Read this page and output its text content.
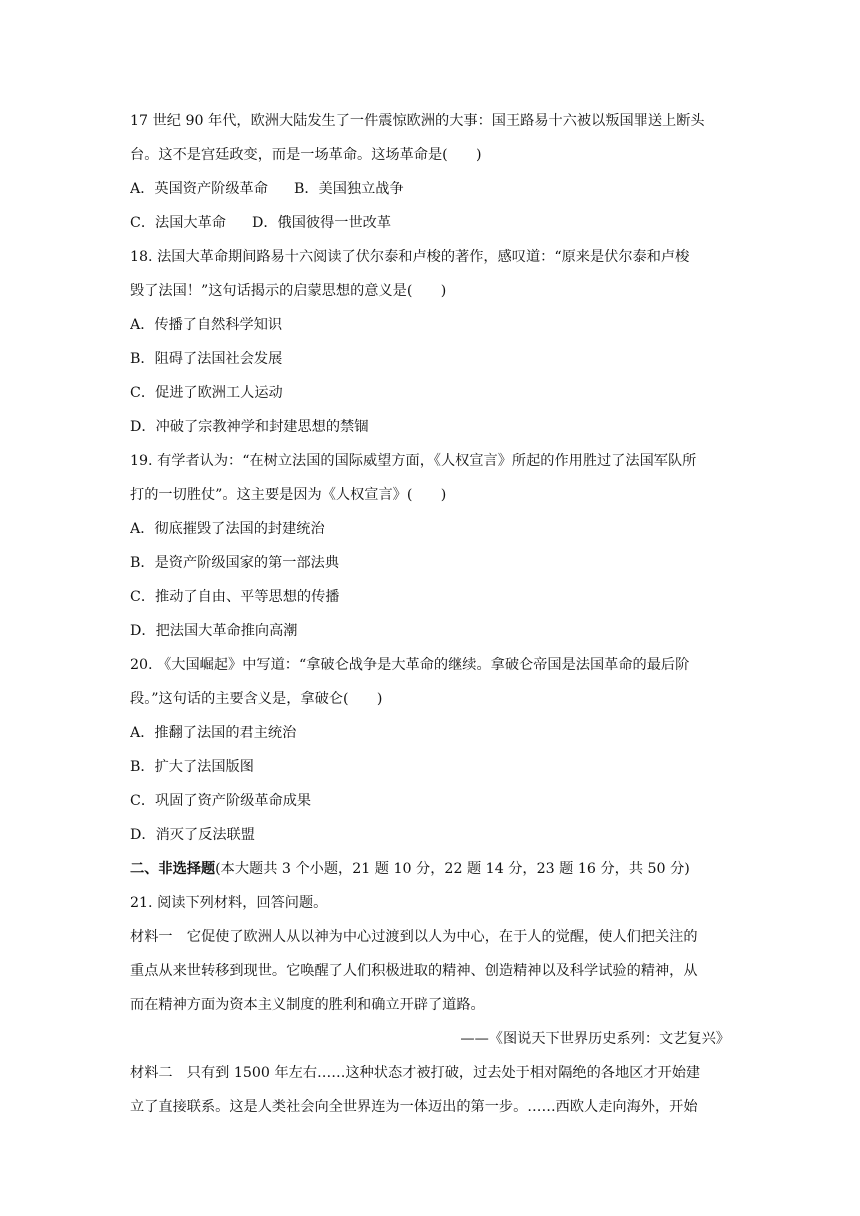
17 世纪 90 年代，欧洲大陆发生了一件震惊欧洲的大事：国王路易十六被以叛国罪送上断头
台。这不是宫廷政变，而是一场革命。这场革命是(　　)
A．英国资产阶级革命 B．美国独立战争
C．法国大革命 D．俄国彼得一世改革
18. 法国大革命期间路易十六阅读了伏尔泰和卢梭的著作，感叹道：“原来是伏尔泰和卢梭
毁了法国！”这句话揭示的启蒙思想的意义是(　　)
A．传播了自然科学知识
B．阻碍了法国社会发展
C．促进了欧洲工人运动
D．冲破了宗教神学和封建思想的禁锢
19. 有学者认为：“在树立法国的国际威望方面，《人权宣言》所起的作用胜过了法国军队所
打的一切胜仗”。这主要是因为《人权宣言》(　　)
A．彻底摧毁了法国的封建统治
B．是资产阶级国家的第一部法典
C．推动了自由、平等思想的传播
D．把法国大革命推向高潮
20. 《大国崛起》中写道：“拿破仑战争是大革命的继续。拿破仑帝国是法国革命的最后阶
段。”这句话的主要含义是，拿破仑(　　)
A．推翻了法国的君主统治
B．扩大了法国版图
C．巩固了资产阶级革命成果
D．消灭了反法联盟
二、非选择题(本大题共 3 个小题，21 题 10 分，22 题 14 分，23 题 16 分，共 50 分)
21. 阅读下列材料，回答问题。
材料一　它促使了欧洲人从以神为中心过渡到以人为中心，在于人的觉醒，使人们把关注的
重点从来世转移到现世。它唤醒了人们积极进取的精神、创造精神以及科学试验的精神，从
而在精神方面为资本主义制度的胜利和确立开辟了道路。
——《图说天下世界历史系列：文艺复兴》
材料二　只有到 1500 年左右……这种状态才被打破，过去处于相对隔绝的各地区才开始建
立了直接联系。这是人类社会向全世界连为一体迈出的第一步。……西欧人走向海外，开始
